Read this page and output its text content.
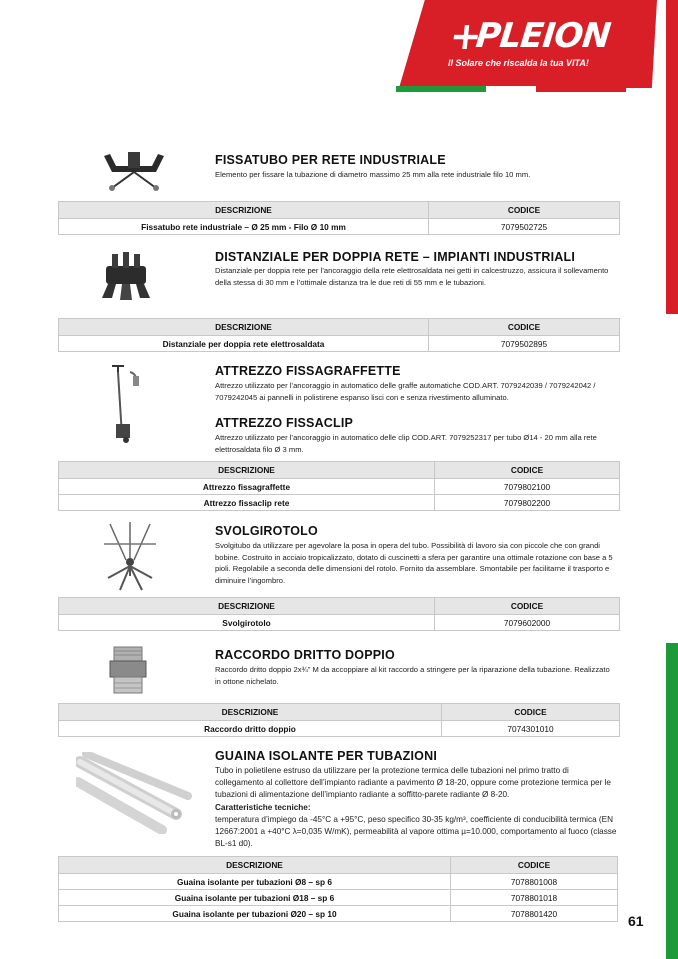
+
PLEION
Il Solare che riscalda la tua VITA!
FISSATUBO PER RETE INDUSTRIALE
Elemento per fissare la tubazione di diametro massimo 25 mm alla rete industriale filo 10 mm.
DESCRIZIONE	CODICE
Fissatubo rete industriale – Ø 25 mm - Filo Ø 10 mm	7079502725
DISTANZIALE PER DOPPIA RETE – IMPIANTI INDUSTRIALI
Distanziale per doppia rete per l’ancoraggio della rete elettrosaldata nei getti in calcestruzzo, assicura il sollevamento della stessa di 30 mm e l’ottimale distanza tra le due reti di 55 mm e le tubazioni.
DESCRIZIONE	CODICE
Distanziale per doppia rete elettrosaldata	7079502895
ATTREZZO FISSAGRAFFETTE
Attrezzo utilizzato per l’ancoraggio in automatico delle graffe automatiche COD.ART. 7079242039 / 7079242042 / 7079242045 ai pannelli in polistirene espanso lisci con e senza rivestimento alluminato.
ATTREZZO FISSACLIP
Attrezzo utilizzato per l’ancoraggio in automatico delle clip COD.ART. 7079252317 per tubo Ø14 - 20 mm alla rete elettrosaldata filo Ø 3 mm.
DESCRIZIONE	CODICE
Attrezzo fissagraffette	7079802100
Attrezzo fissaclip rete	7079802200
SVOLGIROTOLO
Svolgitubo da utilizzare per agevolare la posa in opera del tubo. Possibilità di lavoro sia con piccole che con grandi bobine. Costruito in acciaio tropicalizzato, dotato di cuscinetti a sfera per garantire una ottimale rotazione con base a 5 pioli. Regolabile a seconda delle dimensioni del rotolo. Fornito da assemblare. Smontabile per facilitarne il trasporto e diminuire l’ingombro.
DESCRIZIONE	CODICE
Svolgirotolo	7079602000
RACCORDO DRITTO DOPPIO
Raccordo dritto doppio 2x¾” M da accoppiare al kit raccordo a stringere per la riparazione della tubazione. Realizzato in ottone nichelato.
DESCRIZIONE	CODICE
Raccordo dritto doppio	7074301010
GUAINA ISOLANTE PER TUBAZIONI
Tubo in polietilene estruso da utilizzare per la protezione termica delle tubazioni nel primo tratto di collegamento al collettore dell’impianto radiante a pavimento Ø 18-20, oppure come protezione termica per le tubazioni di alimentazione dell’impianto radiante a soffitto-parete radiante Ø 8-20.
Caratteristiche tecniche:
temperatura d’impiego da -45°C a +95°C, peso specifico 30-35 kg/m³, coefficiente di conducibilità termica (EN 12667:2001 a +40°C λ=0,035 W/mK), permeabilità al vapore ottima µ=10.000, comportamento al fuoco (classe BL-s1 d0).
DESCRIZIONE	CODICE
Guaina isolante per tubazioni Ø8 – sp 6	7078801008
Guaina isolante per tubazioni Ø18 – sp 6	7078801018
Guaina isolante per tubazioni Ø20 – sp 10	7078801420	61
